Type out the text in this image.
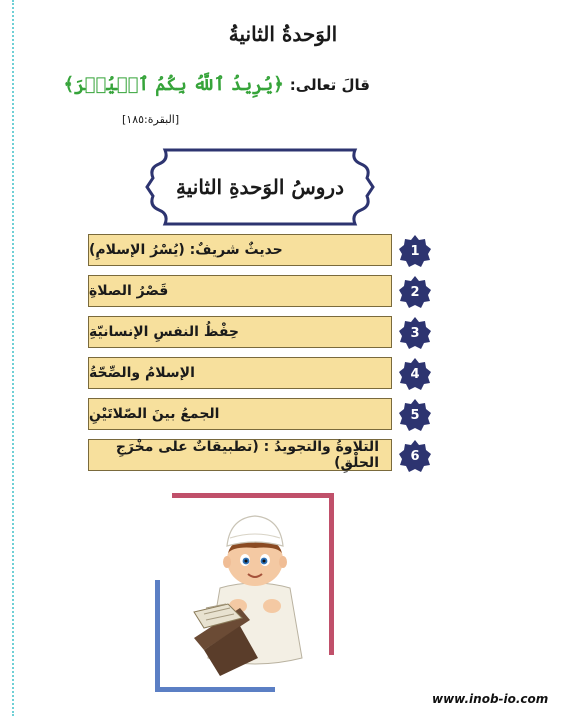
الوَحدةُ الثانيةُ
قالَ تعالى:
﴿يُرِيدُ ٱللَّهُ بِكُمُ ٱلۡيُسۡرَ﴾
[البقرة:١٨٥]
دروسُ الوَحدةِ الثانيةِ
حديثٌ شريفٌ: (يُسْرُ الإسلامِ)	1
قَصْرُ الصلاةِ	2
حِفْظُ النفسِ الإنسانيّةِ	3
الإسلامُ والصِّحّةُ	4
الجمعُ بينَ الصّلاتَيْنِ	5
التلاوةُ والتجويدُ : (تطبيقاتٌ على مخْرَجِ الحلْقِ)	6
www.inob-io.com
